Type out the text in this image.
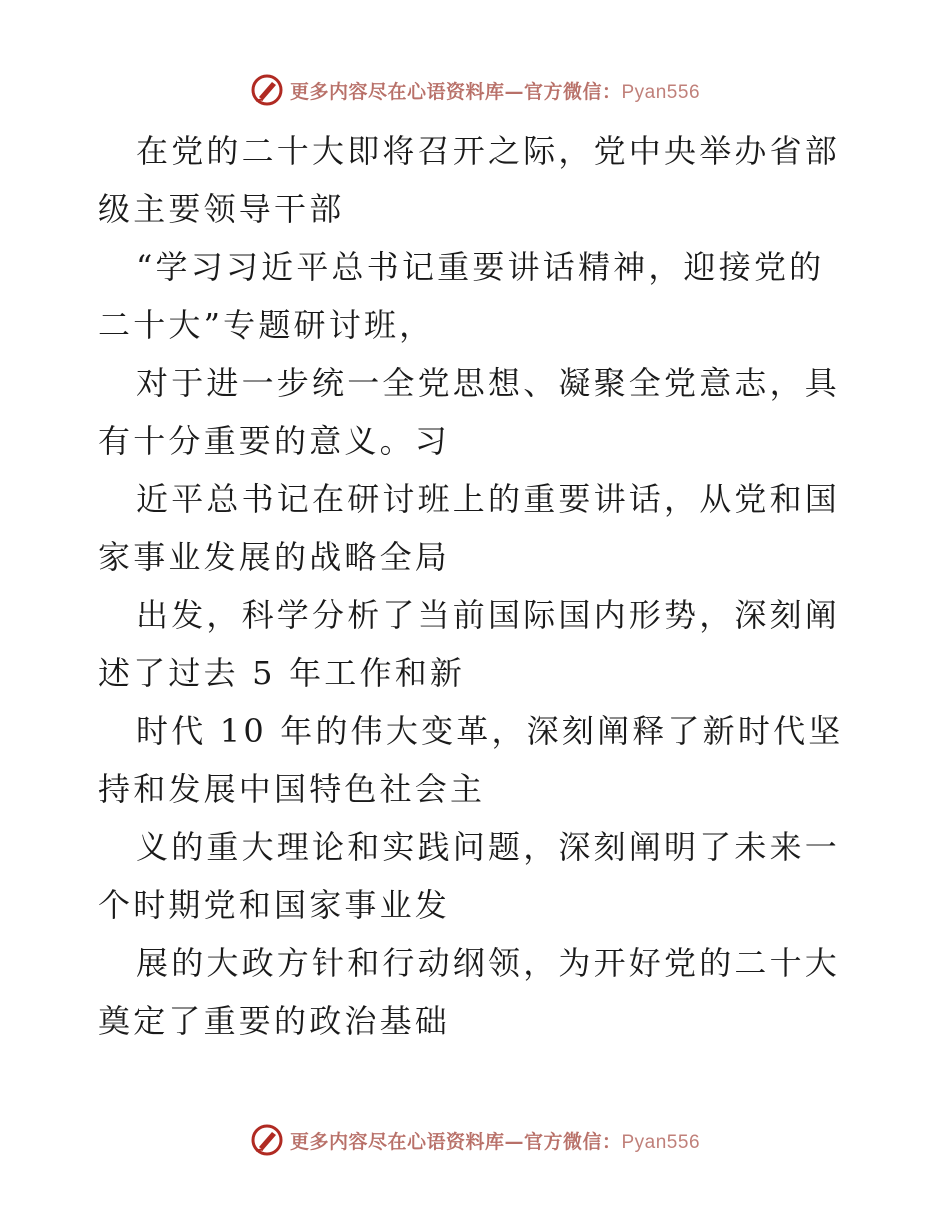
更多内容尽在心语资料库—官方微信：Pyan556

在党的二十大即将召开之际，党中央举办省部级主要领导干部

“学习习近平总书记重要讲话精神，迎接党的二十大”专题研讨班，

对于进一步统一全党思想、凝聚全党意志，具有十分重要的意义。习

近平总书记在研讨班上的重要讲话，从党和国家事业发展的战略全局

出发，科学分析了当前国际国内形势，深刻阐述了过去 5 年工作和新

时代 10 年的伟大变革，深刻阐释了新时代坚持和发展中国特色社会主

义的重大理论和实践问题，深刻阐明了未来一个时期党和国家事业发

展的大政方针和行动纲领，为开好党的二十大奠定了重要的政治基础

更多内容尽在心语资料库—官方微信：Pyan556
